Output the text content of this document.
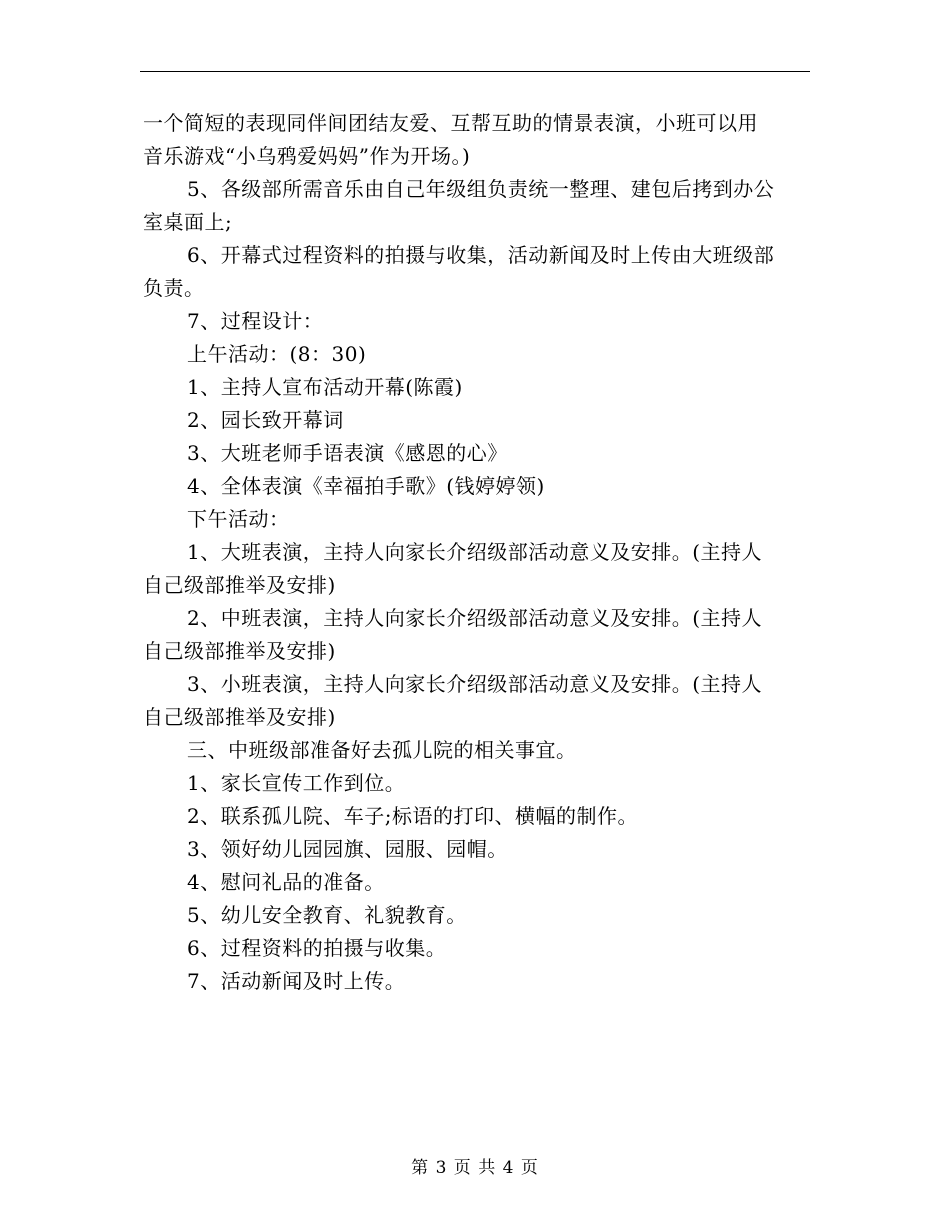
一个简短的表现同伴间团结友爱、互帮互助的情景表演，小班可以用

音乐游戏“小乌鸦爱妈妈”作为开场。)

5、各级部所需音乐由自己年级组负责统一整理、建包后拷到办公

室桌面上;

6、开幕式过程资料的拍摄与收集，活动新闻及时上传由大班级部

负责。

7、过程设计：

上午活动：(8：30)

1、主持人宣布活动开幕(陈霞)

2、园长致开幕词

3、大班老师手语表演《感恩的心》

4、全体表演《幸福拍手歌》(钱婷婷领)

下午活动：

1、大班表演，主持人向家长介绍级部活动意义及安排。(主持人

自己级部推举及安排)

2、中班表演，主持人向家长介绍级部活动意义及安排。(主持人

自己级部推举及安排)

3、小班表演，主持人向家长介绍级部活动意义及安排。(主持人

自己级部推举及安排)

三、中班级部准备好去孤儿院的相关事宜。

1、家长宣传工作到位。

2、联系孤儿院、车子;标语的打印、横幅的制作。

3、领好幼儿园园旗、园服、园帽。

4、慰问礼品的准备。

5、幼儿安全教育、礼貌教育。

6、过程资料的拍摄与收集。

7、活动新闻及时上传。

第 3 页 共 4 页
